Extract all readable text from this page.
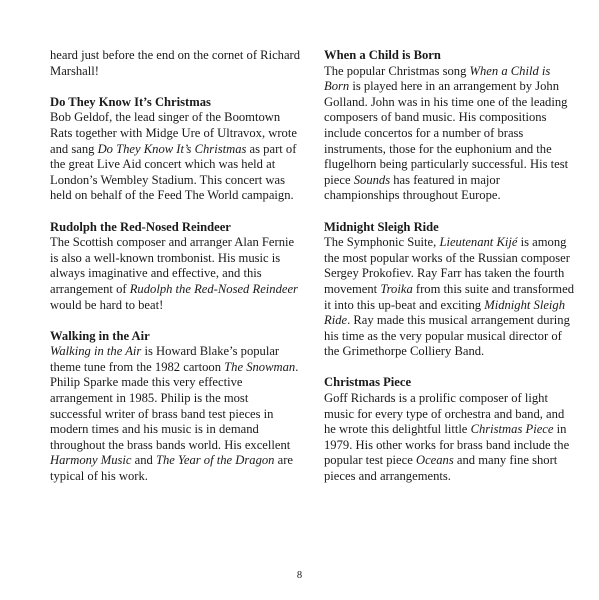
heard just before the end on the cornet of Richard Marshall!

Do They Know It’s Christmas

Bob Geldof, the lead singer of the Boomtown Rats together with Midge Ure of Ultravox, wrote and sang Do They Know It’s Christmas as part of the great Live Aid concert which was held at London’s Wembley Stadium. This concert was held on behalf of the Feed The World campaign.

Rudolph the Red-Nosed Reindeer

The Scottish composer and arranger Alan Fernie is also a well-known trombonist. His music is always imaginative and effective, and this arrangement of Rudolph the Red-Nosed Reindeer would be hard to beat!

Walking in the Air

Walking in the Air is Howard Blake’s popular theme tune from the 1982 cartoon The Snowman. Philip Sparke made this very effective arrangement in 1985. Philip is the most successful writer of brass band test pieces in modern times and his music is in demand throughout the brass bands world. His excellent Harmony Music and The Year of the Dragon are typical of his work.

When a Child is Born

The popular Christmas song When a Child is Born is played here in an arrangement by John Golland. John was in his time one of the leading composers of band music. His compositions include concertos for a number of brass instruments, those for the euphonium and the flugelhorn being particularly successful. His test piece Sounds has featured in major championships throughout Europe.

Midnight Sleigh Ride

The Symphonic Suite, Lieutenant Kijé is among the most popular works of the Russian composer Sergey Prokofiev. Ray Farr has taken the fourth movement Troika from this suite and transformed it into this up-beat and exciting Midnight Sleigh Ride. Ray made this musical arrangement during his time as the very popular musical director of the Grimethorpe Colliery Band.

Christmas Piece

Goff Richards is a prolific composer of light music for every type of orchestra and band, and he wrote this delightful little Christmas Piece in 1979. His other works for brass band include the popular test piece Oceans and many fine short pieces and arrangements.

8
